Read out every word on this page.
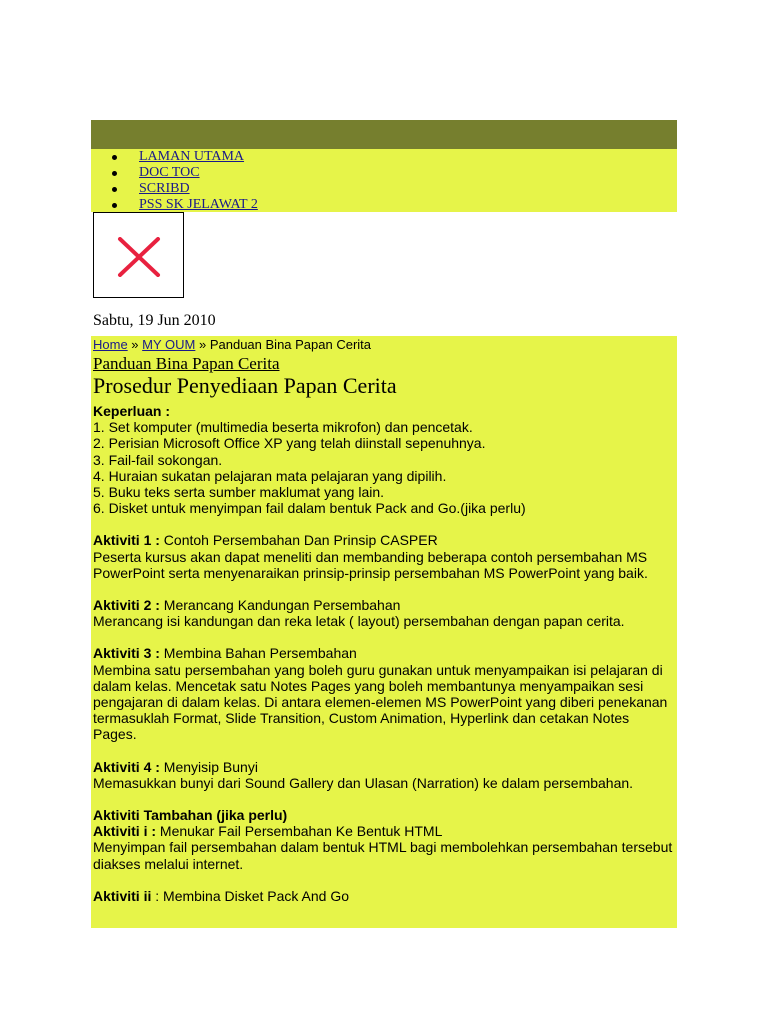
LAMAN UTAMA
DOC TOC
SCRIBD
PSS SK JELAWAT 2
Sabtu, 19 Jun 2010
Home » MY OUM » Panduan Bina Papan Cerita
Panduan Bina Papan Cerita
Prosedur Penyediaan Papan Cerita

Keperluan :
1. Set komputer (multimedia beserta mikrofon) dan pencetak.
2. Perisian Microsoft Office XP yang telah diinstall sepenuhnya.
3. Fail-fail sokongan.
4. Huraian sukatan pelajaran mata pelajaran yang dipilih.
5. Buku teks serta sumber maklumat yang lain.
6. Disket untuk menyimpan fail dalam bentuk Pack and Go.(jika perlu)

Aktiviti 1 : Contoh Persembahan Dan Prinsip CASPER
Peserta kursus akan dapat meneliti dan membanding beberapa contoh persembahan MS PowerPoint serta menyenaraikan prinsip-prinsip persembahan MS PowerPoint yang baik.

Aktiviti 2 : Merancang Kandungan Persembahan
Merancang isi kandungan dan reka letak ( layout) persembahan dengan papan cerita.

Aktiviti 3 : Membina Bahan Persembahan
Membina satu persembahan yang boleh guru gunakan untuk menyampaikan isi pelajaran di dalam kelas. Mencetak satu Notes Pages yang boleh membantunya menyampaikan sesi pengajaran di dalam kelas. Di antara elemen-elemen MS PowerPoint yang diberi penekanan termasuklah Format, Slide Transition, Custom Animation, Hyperlink dan cetakan Notes Pages.

Aktiviti 4 : Menyisip Bunyi
Memasukkan bunyi dari Sound Gallery dan Ulasan (Narration) ke dalam persembahan.

Aktiviti Tambahan (jika perlu)
Aktiviti i : Menukar Fail Persembahan Ke Bentuk HTML
Menyimpan fail persembahan dalam bentuk HTML bagi membolehkan persembahan tersebut diakses melalui internet.

Aktiviti ii : Membina Disket Pack And Go
